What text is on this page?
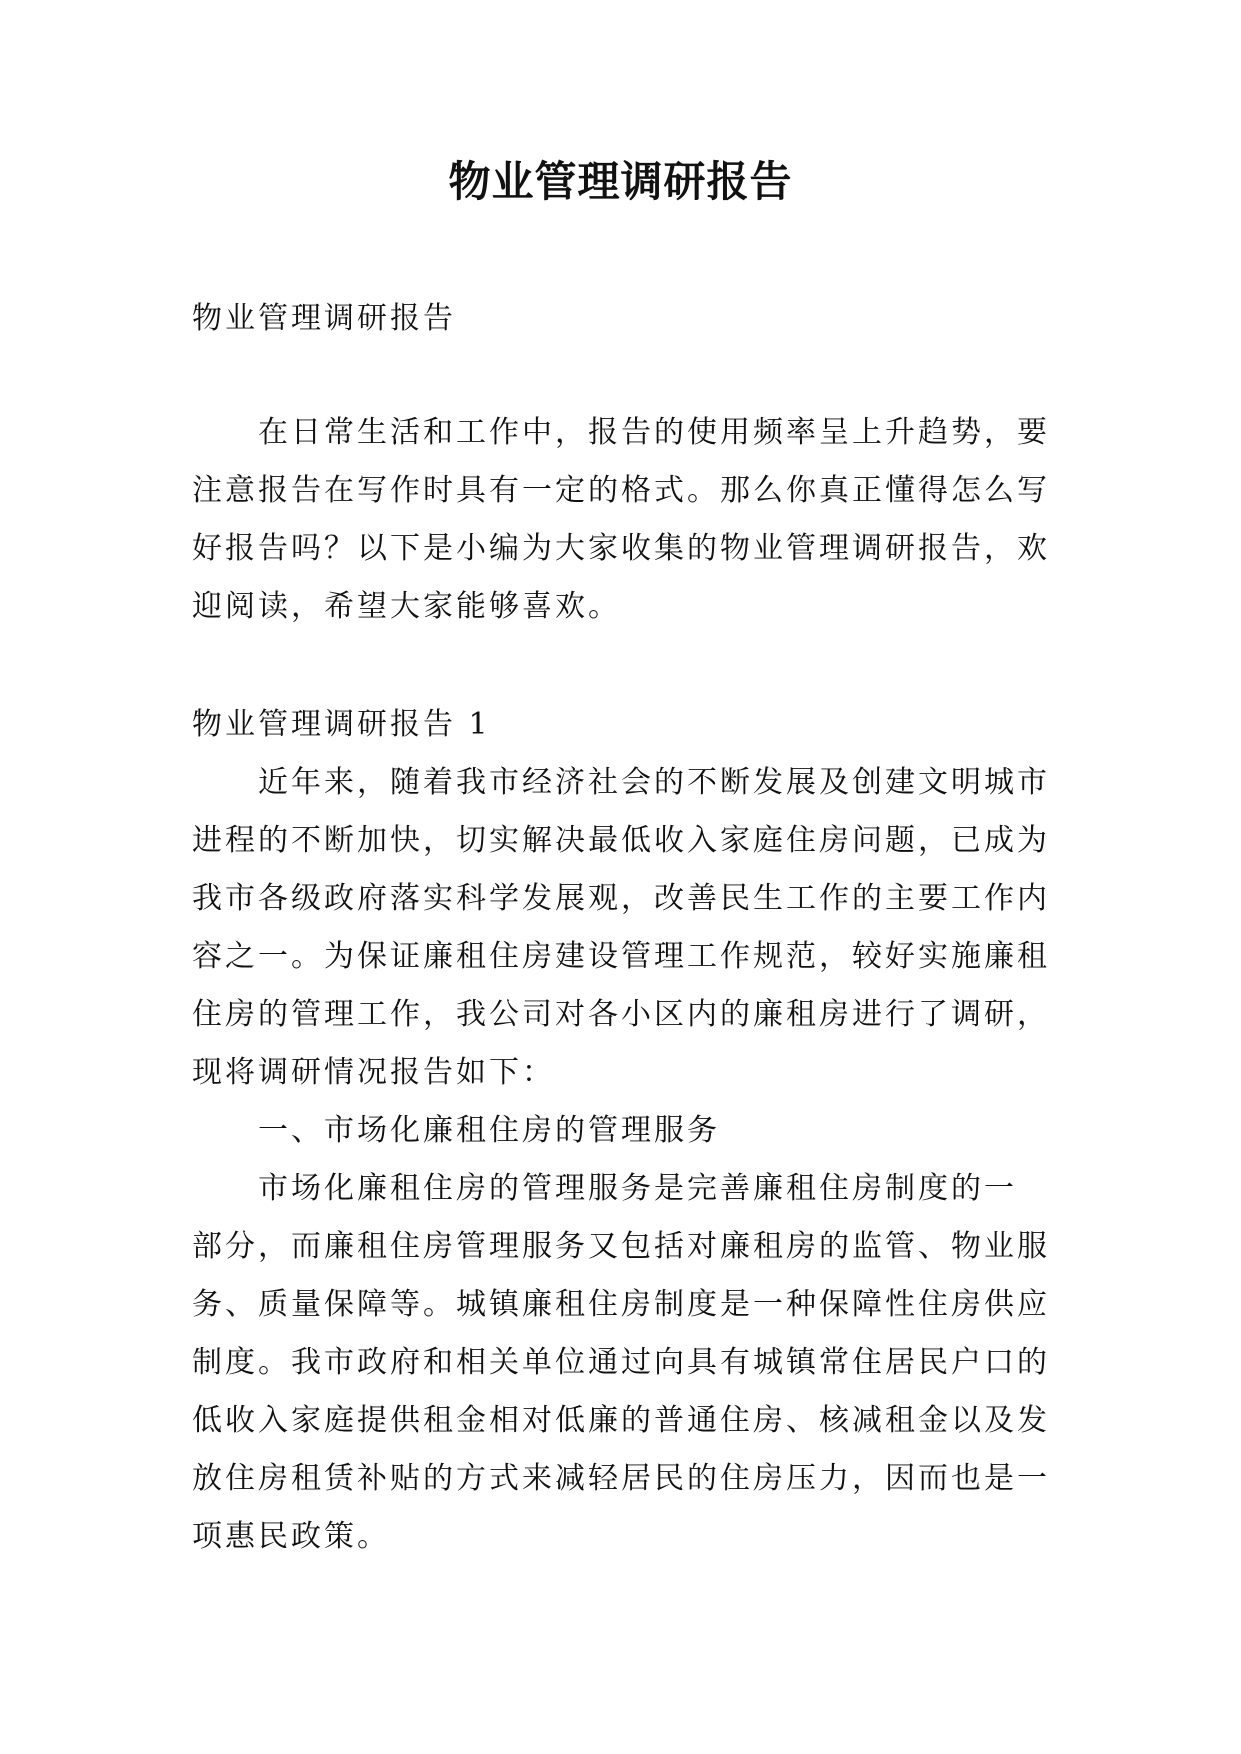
物业管理调研报告
物业管理调研报告
　　在日常生活和工作中，报告的使用频率呈上升趋势，要
注意报告在写作时具有一定的格式。那么你真正懂得怎么写
好报告吗？以下是小编为大家收集的物业管理调研报告，欢
迎阅读，希望大家能够喜欢。
物业管理调研报告 1
　　近年来，随着我市经济社会的不断发展及创建文明城市
进程的不断加快，切实解决最低收入家庭住房问题，已成为
我市各级政府落实科学发展观，改善民生工作的主要工作内
容之一。为保证廉租住房建设管理工作规范，较好实施廉租
住房的管理工作，我公司对各小区内的廉租房进行了调研，
现将调研情况报告如下：
　　一、市场化廉租住房的管理服务
　　市场化廉租住房的管理服务是完善廉租住房制度的一
部分，而廉租住房管理服务又包括对廉租房的监管、物业服
务、质量保障等。城镇廉租住房制度是一种保障性住房供应
制度。我市政府和相关单位通过向具有城镇常住居民户口的
低收入家庭提供租金相对低廉的普通住房、核减租金以及发
放住房租赁补贴的方式来减轻居民的住房压力，因而也是一
项惠民政策。
